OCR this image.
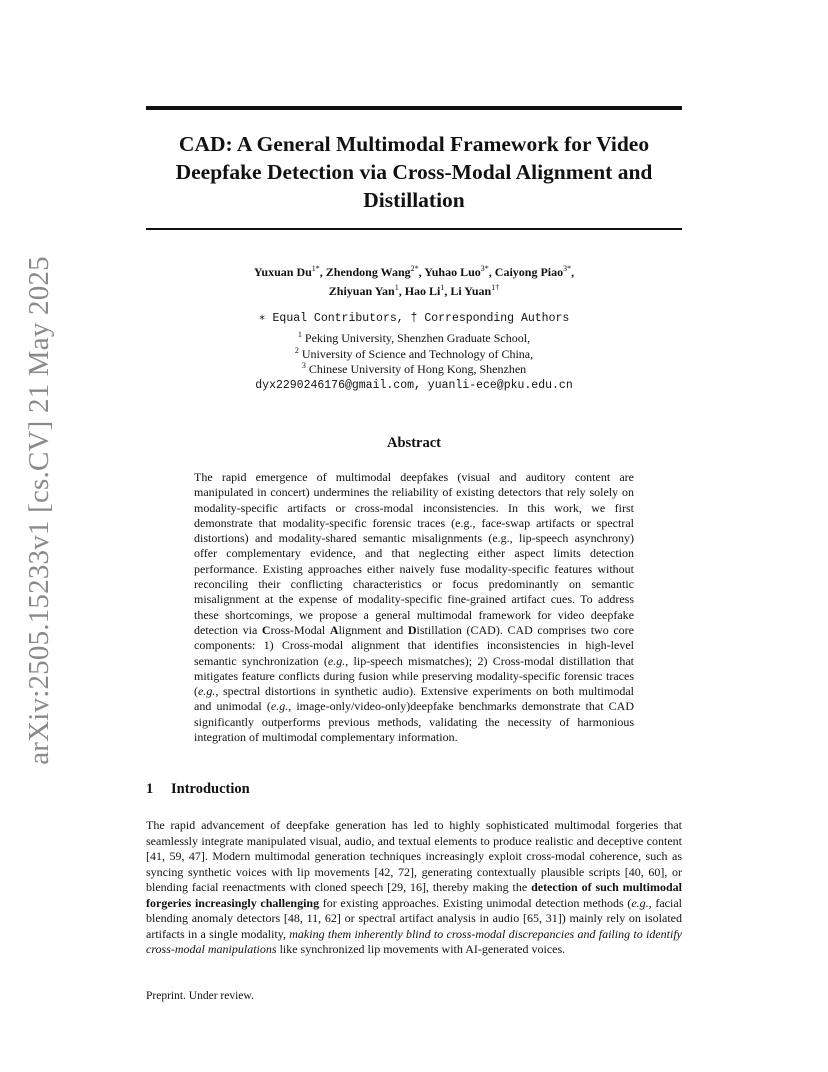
arXiv:2505.15233v1 [cs.CV] 21 May 2025
CAD: A General Multimodal Framework for Video Deepfake Detection via Cross-Modal Alignment and Distillation
Yuxuan $Du^{1*}$, Zhendong Wang$^{2*}$, Yuhao Luo$^{3*}$, Caiyong Piao$^{3*}$,
Zhiyuan Yan$^1$, Hao Li$^1$, Li Yuan$^{1\dagger}$
∗ Equal Contributors, † Corresponding Authors
$^1$ Peking University, Shenzhen Graduate School,
$^2$ University of Science and Technology of China,
$^3$ Chinese University of Hong Kong, Shenzhen
dyx2290246176@gmail.com, yuanli-ece@pku.edu.cn
Abstract
The rapid emergence of multimodal deepfakes (visual and auditory content are manipulated in concert) undermines the reliability of existing detectors that rely solely on modality-specific artifacts or cross-modal inconsistencies. In this work, we first demonstrate that modality-specific forensic traces (e.g., face-swap artifacts or spectral distortions) and modality-shared semantic misalignments (e.g., lip-speech asynchrony) offer complementary evidence, and that neglecting either aspect limits detection performance. Existing approaches either naively fuse modality-specific features without reconciling their conflicting characteristics or focus predominantly on semantic misalignment at the expense of modality-specific fine-grained artifact cues. To address these shortcomings, we propose a general multimodal framework for video deepfake detection via Cross-Modal Alignment and Distillation (CAD). CAD comprises two core components: 1) Cross-modal alignment that identifies inconsistencies in high-level semantic synchronization (e.g., lip-speech mismatches); 2) Cross-modal distillation that mitigates feature conflicts during fusion while preserving modality-specific forensic traces (e.g., spectral distortions in synthetic audio). Extensive experiments on both multimodal and unimodal (e.g., image-only/video-only)deepfake benchmarks demonstrate that CAD significantly outperforms previous methods, validating the necessity of harmonious integration of multimodal complementary information.
1 Introduction
The rapid advancement of deepfake generation has led to highly sophisticated multimodal forgeries that seamlessly integrate manipulated visual, audio, and textual elements to produce realistic and deceptive content [41, 59, 47]. Modern multimodal generation techniques increasingly exploit cross-modal coherence, such as syncing synthetic voices with lip movements [42, 72], generating contextually plausible scripts [40, 60], or blending facial reenactments with cloned speech [29, 16], thereby making the detection of such multimodal forgeries increasingly challenging for existing approaches. Existing unimodal detection methods (e.g., facial blending anomaly detectors [48, 11, 62] or spectral artifact analysis in audio [65, 31]) mainly rely on isolated artifacts in a single modality, making them inherently blind to cross-modal discrepancies and failing to identify cross-modal manipulations like synchronized lip movements with AI-generated voices.
Preprint. Under review.
